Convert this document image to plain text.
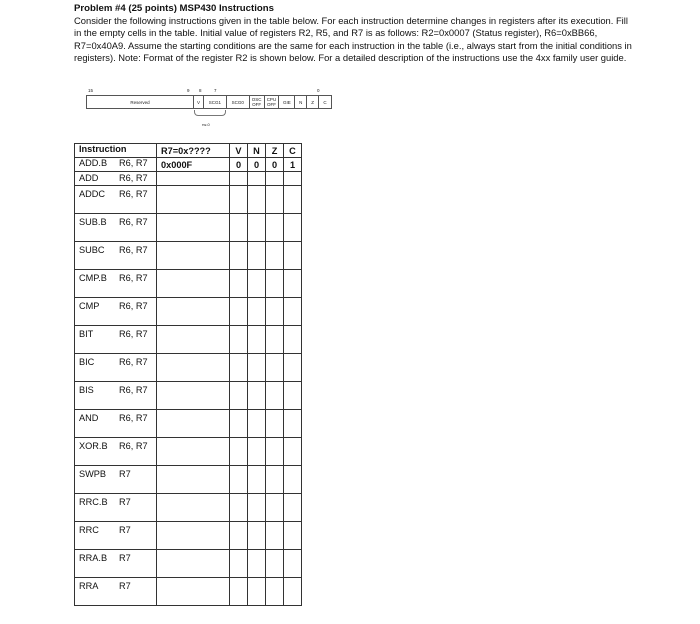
Problem #4 (25 points) MSP430 Instructions

Consider the following instructions given in the table below. For each instruction determine changes in registers after its execution. Fill in the empty cells in the table. Initial value of registers R2, R5, and R7 is as follows: R2=0x0007 (Status register), R6=0xBB66, R7=0x40A9. Assume the starting conditions are the same for each instruction in the table (i.e., always start from the initial conditions in registers). Note: Format of the register R2 is shown below. For a detailed description of the instructions use the 4xx family user guide.

15	9 8	7	0
Reserved	V	SCG1	SCG0	OSC OFF
CPU OFF	GIE	N	Z	C
rw-0
Instruction	R7=0x????	V	N	Z	C
ADD.B R6, R7	0x000F	0	0	0	1
ADD R6, R7					
ADDC R6, R7					
SUB.B R6, R7					
SUBC R6, R7					
CMP.B R6, R7					
CMP R6, R7					
BIT R6, R7					
BIC R6, R7					
BIS R6, R7					
AND R6, R7					
XOR.B R6, R7					
SWPB R7					
RRC.B R7					
RRC R7					
RRA.B R7					
RRA R7					
